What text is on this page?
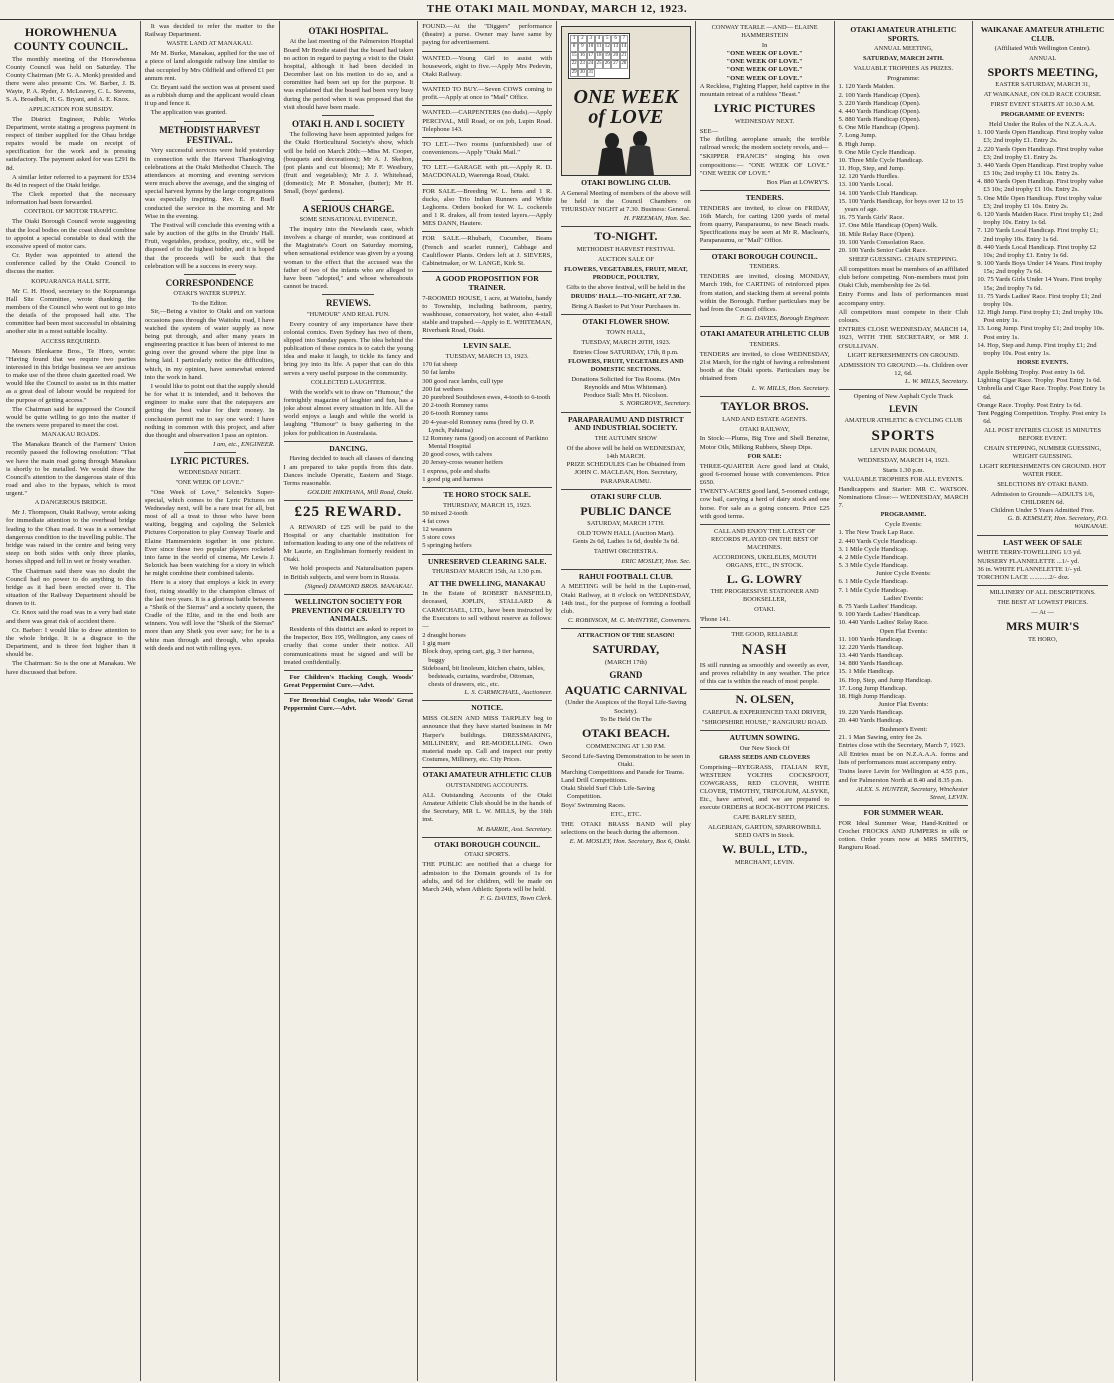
THE OTAKI MAIL MONDAY, MARCH 12, 1923.
HOROWHENUA COUNTY COUNCIL.

The monthly meeting of the Horowhenua County Council was held on Saturday. The County Chairman (Mr G. A. Monk) presided and there were also present: Crs. W. Barber, J. B. Wayte, P. A. Ryder, J. McLeavey, C. L. Stevens, S. A. Broadbelt, H. G. Bryant, and A. E. Knox.

APPLICATION FOR SUBSIDY.

The District Engineer, Public Works Department, wrote stating a progress payment in respect of timber supplied for the Ohau bridge repairs would be made on receipt of specification for the work and is pressing satisfactory. The payment asked for was £291 8s 8d.

A similar letter referred to a payment for £534 8s 4d in respect of the Otaki bridge.

The Clerk reported that the necessary information had been forwarded.

CONTROL OF MOTOR TRAFFIC.

The Otaki Borough Council wrote suggesting that the local bodies on the coast should combine to appoint a special constable to deal with the excessive speed of motor cars.

Cr. Ryder was appointed to attend the conference called by the Otaki Council to discuss the matter.

KOPUARANGA HALL SITE.

Mr C. H. Hood, secretary to the Kopuaranga Hall Site Committee, wrote thanking the members of the Council who went out to go into the details of the proposed hall site. The committee had been most successful in obtaining another site in a most suitable locality.

ACCESS REQUIRED.

Messrs Blenkarne Bros., Te Horo, wrote: "Having found that we require two parties interested in this bridge business we are anxious to make use of the three chain gazetted road. We would like the Council to assist us in this matter as a great deal of labour would be required for the purpose of getting access."

The Chairman said he supposed the Council would be quite willing to go into the matter if the owners were prepared to meet the cost.

MANAKAU ROADS.

The Manakau Branch of the Farmers' Union recently passed the following resolution: "That we have the main road going through Manakau is shortly to be metalled. We would draw the Council's attention to the dangerous state of this road and also to the bypass, which is most urgent."

A DANGEROUS BRIDGE.

Mr J. Thompson, Otaki Railway, wrote asking for immediate attention to the overhead bridge leading to the Ohau road. It was in a somewhat dangerous condition to the travelling public. The bridge was raised in the centre and being very steep on both sides with only three planks, horses slipped and fell in wet or frosty weather.

The Chairman said there was no doubt the Council had no power to do anything to this bridge as it had been erected over it. The situation of the Railway Department should be drawn to it.

Cr. Knox said the road was in a very bad state and there was great risk of accident there.

Cr. Barber: I would like to draw attention to the whole bridge. It is a disgrace to the Department, and is three feet higher than it should be.

The Chairman: So is the one at Manakau. We have discussed that before.

It was decided to refer the matter to the Railway Department.

WASTE LAND AT MANAKAU.

Mr M. Burke, Manakau, applied for the use of a piece of land alongside railway line similar to that occupied by Mrs Oldfield and offered £1 per annum rent.

Cr. Bryant said the section was at present used as a rubbish dump and the applicant would clean it up and fence it.

The application was granted.

METHODIST HARVEST FESTIVAL.

Very successful services were held yesterday in connection with the Harvest Thanksgiving celebrations at the Otaki Methodist Church. The attendances at morning and evening services were much above the average, and the singing of special harvest hymns by the large congregations was especially inspiring. Rev. E. P. Buell conducted the service in the morning and Mr Wise in the evening.

The Festival will conclude this evening with a sale by auction of the gifts in the Druids' Hall. Fruit, vegetables, produce, poultry, etc., will be disposed of to the highest bidder, and it is hoped that the proceeds will be such that the celebration will be a success in every way.

CORRESPONDENCE
OTAKI'S WATER SUPPLY.
To the Editor.

Sir,—Being a visitor to Otaki and on various occasions pass through the Waitohu road, I have watched the system of water supply as now being put through, and after many years in engineering practice it has been of interest to me going over the ground where the pipe line is being laid. I particularly notice the difficulties, which, in my opinion, have somewhat entered into the work in hand.

I would like to point out that the supply should be for what it is intended, and it behoves the engineer to make sure that the ratepayers are getting the best value for their money. In conclusion permit me to say one word: I have nothing in common with this project, and after due thought and observation I pass an opinion.

I am, etc., ENGINEER.
LYRIC PICTURES.
WEDNESDAY NIGHT.
"ONE WEEK OF LOVE."

"One Week of Love," Selznick's Super-special, which comes to the Lyric Pictures on Wednesday next, will be a rare treat for all, but most of all a treat to those who have been waiting, begging and cajoling the Selznick Pictures Corporation to play Conway Tearle and Elaine Hammerstein together in one picture. Ever since these two popular players rocketed into fame in the world of cinema, Mr Lewis J. Selznick has been watching for a story in which he might combine their combined talents.

Here is a story that employs a kick in every foot, rising steadily to the champion climax of the last two years. It is a glorious battle between a "Sheik of the Sierras" and a society queen, the Cradle of the Elite, and in the end both are winners. You will love the "Sheik of the Sierras" more than any Sheik you ever saw; for he is a white man through and through, who speaks with deeds and not with rolling eyes.

OTAKI HOSPITAL.

At the last meeting of the Palmerston Hospital Board Mr Brodie stated that the board had taken no action in regard to paying a visit to the Otaki hospital, although it had been decided in December last on his motion to do so, and a committee had been set up for the purpose. It was explained that the board had been very busy during the period when it was proposed that the visit should have been made.

OTAKI H. AND I. SOCIETY

The following have been appointed judges for the Otaki Horticultural Society's show, which will be held on March 20th:—Miss M. Cooper, (bouquets and decorations); Mr A. J. Skelton, (pot plants and cut blooms); Mr F. Westbury, (fruit and vegetables); Mr J. J. Whitehead, (domestic); Mr P. Monaher, (butter); Mr H. Small, (boys' gardens).

A SERIOUS CHARGE.
SOME SENSATIONAL EVIDENCE.

The inquiry into the Newlands case, which involves a charge of murder, was continued at the Magistrate's Court on Saturday morning, when sensational evidence was given by a young woman to the effect that the accused was the father of two of the infants who are alleged to have been "adopted," and whose whereabouts cannot be traced.

REVIEWS.
"HUMOUR" AND REAL FUN.

Every country of any importance have their colonial comics. Even Sydney has two of them, slipped into Sunday papers. The idea behind the publication of these comics is to catch the young idea and make it laugh, to tickle its fancy and bring joy into its life. A paper that can do this serves a very useful purpose in the community.

COLLECTED LAUGHTER.

With the world's wit to draw on "Humour," the fortnightly magazine of laughter and fun, has a joke about almost every situation in life. All the world enjoys a laugh and while the world is laughing "Humour" is busy gathering in the jokes for publication in Australasia.

DANCING.

Having decided to teach all classes of dancing I am prepared to take pupils from this date. Dances include Operatic, Eastern and Stage. Terms reasonable.

GOLDIE HIKIHANA, Mill Road, Otaki.
£25 REWARD.

A REWARD of £25 will be paid to the Hospital or any charitable institution for information leading to any one of the relatives of Mr Laurie, an Englishman formerly resident in Otaki.

We hold prospects and Naturalisation papers in British subjects, and were born in Russia.

(Signed) DIAMOND BROS. MANAKAU.
WELLINGTON SOCIETY FOR PREVENTION OF CRUELTY TO ANIMALS.

Residents of this district are asked to report to the Inspector, Box 195, Wellington, any cases of cruelty that come under their notice. All communications must be signed and will be treated confidentially.

For Children's Hacking Cough, Woods' Great Peppermint Cure.—Advt.

For Bronchial Coughs, take Woods' Great Peppermint Cure.—Advt.

FOUND.—At the "Diggers" performance (theatre) a purse. Owner may have same by paying for advertisement.

WANTED.—Young Girl to assist with housework, eight to five.—Apply Mrs Pedevin, Otaki Railway.

WANTED TO BUY.—Seven COWS coming to profit.—Apply at once to "Mail" Office.

WANTED.—CARPENTERS (no duds).—Apply PERCIVAL, Mill Road, or on job, Lupin Road. Telephone 143.

TO LET.—Two rooms (unfurnished) use of conveniences.—Apply "Otaki Mail."

TO LET.—GARAGE with pit.—Apply R. D. MACDONALD, Waerenga Road, Otaki.

FOR SALE.—Breeding W. L. hens and 1 R. ducks, also Trio Indian Runners and White Leghorns. Orders booked for W. L. cockerels and 1 R. drakes, all from tested layers.—Apply MES DANN, Hautere.

FOR SALE.—Rhubarb, Cucumber, Beans (French and scarlet runner), Cabbage and Cauliflower Plants. Orders left at J. SIEVERS, Cabinetmaker, or W. LANGE, Kirk St.

A GOOD PROPOSITION FOR TRAINER.

7-ROOMED HOUSE, 1 acre, at Waitohu, handy to Township, including bathroom, pantry, washhouse, conservatory, hot water, also 4-stall stable and trapshed.—Apply to E. WHITEMAN, Riverbank Road, Otaki.

LEVIN SALE.
TUESDAY, MARCH 13, 1923.
170 fat sheep
50 fat lambs
300 good race lambs, cull type
200 fat wethers
20 purebred Southdown ewes, 4-tooth to 6-tooth
20 2-tooth Romney rams
20 6-tooth Romney rams
20 4-year-old Romney rams (bred by O. P. Lynch, Pahiatua)
12 Romney rams (good) on account of Parikino Mental Hospital
20 good cows, with calves
20 Jersey-cross weaner heifers
1 express, pole and shafts
1 good pig and harness
TE HORO STOCK SALE.
THURSDAY, MARCH 15, 1923.
50 mixed 2-tooth
4 fat cows
12 weaners
5 store cows
5 springing heifers
UNRESERVED CLEARING SALE.
THURSDAY MARCH 15th, At 1.30 p.m.
AT THE DWELLING, MANAKAU

In the Estate of ROBERT BANSFIELD, deceased, JOPLIN, STALLARD & CARMICHAEL, LTD., have been instructed by the Executors to sell without reserve as follows:—

2 draught horses
1 gig mare
Block dray, spring cart, gig, 3 tier harness, buggy
Sideboard, bit linoleum, kitchen chairs, tables, bedsteads, curtains, wardrobe, Ottoman, chests of drawers, etc., etc.
L. S. CARMICHAEL, Auctioneer.
NOTICE.

MISS OLSEN AND MISS TARPLEY beg to announce that they have started business in Mr Harper's buildings. DRESSMAKING, MILLINERY, and RE-MODELLING. Own material made up. Call and inspect our pretty Costumes, Millinery, etc. City Prices.

OTAKI AMATEUR ATHLETIC CLUB
OUTSTANDING ACCOUNTS.

ALL Outstanding Accounts of the Otaki Amateur Athletic Club should be in the hands of the Secretary, MR L. W. MILLS, by the 16th inst.

M. BARRIE, Asst. Secretary.
OTAKI BOROUGH COUNCIL.
OTAKI SPORTS.

THE PUBLIC are notified that a charge for admission to the Domain grounds of 1s for adults, and 6d for children, will be made on March 24th, when Athletic Sports will be held.

F. G. DAVIES, Town Clerk.
1	2	3	4	5	6	7
8	9 10 11 12 13 14
15 16 17 18 19 20 21
22 23 24 25 26 27 28
29 30 31
ONE WEEK of LOVE
OTAKI BOWLING CLUB.

A General Meeting of members of the above will be held in the Council Chambers on THURSDAY NIGHT at 7.30. Business: General.

H. FREEMAN, Hon. Sec.
TO-NIGHT.
METHODIST HARVEST FESTIVAL
AUCTION SALE OF
FLOWERS, VEGETABLES, FRUIT, MEAT, PRODUCE, POULTRY,
Gifts to the above festival, will be held in the
DRUIDS' HALL—TO-NIGHT, AT 7.30.
Bring A Basket to Put Your Purchases in.
OTAKI FLOWER SHOW.
TOWN HALL,
TUESDAY, MARCH 20TH, 1923.
Entries Close SATURDAY, 17th, 8 p.m.
FLOWERS, FRUIT, VEGETABLES AND DOMESTIC SECTIONS.
Donations Solicited for Tea Rooms. (Mrs Reynolds and Miss Whiteman).
Produce Stall: Mrs H. Nicolson.
S. NORGROVE, Secretary.
PARAPARAUMU AND DISTRICT AND INDUSTRIAL SOCIETY.
THE AUTUMN SHOW
Of the above will be held on WEDNESDAY, 14th MARCH.
PRIZE SCHEDULES Can be Obtained from JOHN C. MACLEAN, Hon. Secretary, PARAPARAUMU.
OTAKI SURF CLUB.
PUBLIC DANCE
SATURDAY, MARCH 17TH.
OLD TOWN HALL (Auction Mart).
Gents 2s 6d, Ladies 1s 6d, double 3s 6d.
TAHIWI ORCHESTRA.
ERIC MOSLEY, Hon. Sec.
RAHUI FOOTBALL CLUB.

A MEETING will be held in the Lupin-road, Otaki Railway, at 8 o'clock on WEDNESDAY, 14th inst., for the purpose of forming a football club.

C. ROBINSON, M. C. McINTYRE, Conveners.
ATTRACTION OF THE SEASON!
SATURDAY,
(MARCH 17th)
GRAND
AQUATIC CARNIVAL
(Under the Auspices of the Royal Life-Saving Society).
To Be Held On The
OTAKI BEACH.
COMMENCING AT 1.30 P.M.
Second Life-Saving Demonstration to be seen in Otaki.
Marching Competitions and Parade for Teams.
Land Drill Competitions.
Otaki Shield Surf Club Life-Saving Competition.
Boys' Swimming Races.
ETC., ETC.

THE OTAKI BRASS BAND will play selections on the beach during the afternoon.

E. M. MOSLEY, Hon. Secretary, Box 6, Otaki.
CONWAY TEARLE —AND— ELAINE HAMMERSTEIN
In
"ONE WEEK OF LOVE."
"ONE WEEK OF LOVE."
"ONE WEEK OF LOVE."
"ONE WEEK OF LOVE."

A Reckless, Fighting Flapper, held captive in the mountain retreat of a ruthless "Beast."

LYRIC PICTURES
WEDNESDAY NEXT.
SEE—

The thrilling aeroplane smash; the terrible railroad wreck; the modern society revels, and—

"SKIPPER FRANCIS" singing his own compositions:— "ONE WEEK OF LOVE." "ONE WEEK OF LOVE."

Box Plan at LOWRY'S.
TENDERS.

TENDERS are invited, to close on FRIDAY, 16th March, for carting 1200 yards of metal from quarry, Paraparaumu, to new Beach roads. Specifications may be seen at Mr R. Maclean's, Paraparaumu, or "Mail" Office.

OTAKI BOROUGH COUNCIL.
TENDERS.

TENDERS are invited, closing MONDAY, March 19th, for CARTING of reinforced pipes from station, and stacking them at several points within the Borough. Further particulars may be had from the Council offices.

F. G. DAVIES, Borough Engineer.
OTAKI AMATEUR ATHLETIC CLUB
TENDERS.

TENDERS are invited, to close WEDNESDAY, 21st March, for the right of having a refreshment booth at the Otaki sports. Particulars may be obtained from

L. W. MILLS, Hon. Secretary.
TAYLOR BROS.
LAND AND ESTATE AGENTS.
OTAKI RAILWAY,

In Stock:—Plums, Big Tree and Shell Benzine, Motor Oils, Milking Rubbers, Sheep Dips.

FOR SALE:

THREE-QUARTER Acre good land at Otaki, good 6-roomed house with conveniences. Price £650.

TWENTY-ACRES good land, 5-roomed cottage, cow bail, carrying a herd of dairy stock and one horse. For sale as a going concern. Price £25 with good terms.

CALL AND ENJOY THE LATEST OF RECORDS PLAYED ON THE BEST OF MACHINES.
ACCORDIONS, UKELELES, MOUTH ORGANS, ETC., IN STOCK.
L. G. LOWRY
THE PROGRESSIVE STATIONER AND BOOKSELLER,
OTAKI.
'Phone 141.
THE GOOD, RELIABLE
NASH

IS still running as smoothly and sweetly as ever, and proves reliability in any weather. The price of this car is within the reach of most people.

N. OLSEN,
CAREFUL & EXPERIENCED TAXI DRIVER,
"SHROPSHIRE HOUSE," RANGIURU ROAD.
AUTUMN SOWING.
Our New Stock Of
GRASS SEEDS AND CLOVERS

Comprising—RYEGRASS, ITALIAN RYE, WESTERN YOLTHS COCKSFOOT, COWGRASS, RED CLOVER, WHITE CLOVER, TIMOTHY, TRIFOLIUM, ALSYKE, Etc., have arrived, and we are prepared to execute ORDERS at ROCK-BOTTOM PRICES.

CAPE BARLEY SEED,
ALGERIAN, GARTON, SPARROWBILL SEED OATS in Stock.
W. BULL, LTD.,
MERCHANT, LEVIN.
OTAKI AMATEUR ATHLETIC SPORTS.
ANNUAL MEETING,
SATURDAY, MARCH 24TH.
VALUABLE TROPHIES AS PRIZES.
Programme:
1. 120 Yards Maiden.
2. 100 Yards Handicap (Open).
3. 220 Yards Handicap (Open).
4. 440 Yards Handicap (Open).
5. 880 Yards Handicap (Open).
6. One Mile Handicap (Open).
7. Long Jump.
8. High Jump.
9. One Mile Cycle Handicap.
10. Three Mile Cycle Handicap.
11. Hop, Step, and Jump.
12. 120 Yards Hurdles.
13. 100 Yards Local.
14. 100 Yards Club Handicap.
15. 100 Yards Handicap, for boys over 12 to 15 years of age.
16. 75 Yards Girls' Race.
17. One Mile Handicap (Open) Walk.
18. Mile Relay Race (Open).
19. 100 Yards Consolation Race.
20. 100 Yards Senior Cadet Race.
SHEEP GUESSING. CHAIN STEPPING.

All competitors must be members of an affiliated club before competing. Non-members must join Otaki Club, membership fee 2s 6d.

Entry Forms and lists of performances must accompany entry.

All competitors must compete in their Club colours.

ENTRIES CLOSE WEDNESDAY, MARCH 14, 1923, WITH THE SECRETARY, or MR J. O'SULLIVAN.

LIGHT REFRESHMENTS ON GROUND.
ADMISSION TO GROUND.—Is. Children over 12, 6d.
L. W. MILLS, Secretary.
Opening of New Asphalt Cycle Track
LEVIN
AMATEUR ATHLETIC & CYCLING CLUB
SPORTS
LEVIN PARK DOMAIN,
WEDNESDAY, MARCH 14, 1923.
Starts 1.30 p.m.
VALUABLE TROPHIES FOR ALL EVENTS.

Handicappers and Starter: MR C. WATSON. Nominations Close:— WEDNESDAY, MARCH 7.

PROGRAMME.
Cycle Events:
1. The New Track Lap Race.
2. 440 Yards Cycle Handicap.
3. 1 Mile Cycle Handicap.
4. 2 Mile Cycle Handicap.
5. 3 Mile Cycle Handicap.
Junior Cycle Events:
6. 1 Mile Cycle Handicap.
7. 1 Mile Cycle Handicap.
Ladies' Events:
8. 75 Yards Ladies' Handicap.
9. 100 Yards Ladies' Handicap.
10. 440 Yards Ladies' Relay Race.
Open Flat Events:
11. 100 Yards Handicap.
12. 220 Yards Handicap.
13. 440 Yards Handicap.
14. 880 Yards Handicap.
15. 1 Mile Handicap.
16. Hop, Step, and Jump Handicap.
17. Long Jump Handicap.
18. High Jump Handicap.
Junior Flat Events:
19. 220 Yards Handicap.
20. 440 Yards Handicap.
Bushmen's Event:
21. 1 Man Sawing, entry fee 2s.

Entries close with the Secretary, March 7, 1923.

All Entries must be on N.Z.A.A.A. forms and lists of performances must accompany entry.

Trains leave Levin for Wellington at 4.55 p.m., and for Palmerston North at 8.40 and 8.35 p.m.

ALEX. S. HUNTER, Secretary, Winchester Street, LEVIN.
FOR SUMMER WEAR.

FOR Ideal Summer Wear, Hand-Knitted or Crochet FROCKS AND JUMPERS in silk or cotton. Order yours now at MRS SMITH'S, Rangiuru Road.

WAIKANAE AMATEUR ATHLETIC CLUB.
(Affiliated With Wellington Centre).
ANNUAL
SPORTS MEETING,
EASTER SATURDAY, MARCH 31,
AT WAIKANAE, ON OLD RACE COURSE.
FIRST EVENT STARTS AT 10.30 A.M.
PROGRAMME OF EVENTS:
Held Under the Rules of the N.Z.A.A.A.
1. 100 Yards Open Handicap. First trophy value £3; 2nd trophy £1. Entry 2s.
2. 220 Yards Open Handicap. First trophy value £3; 2nd trophy £1. Entry 2s.
3. 440 Yards Open Handicap. First trophy value £3 10s; 2nd trophy £1 10s. Entry 2s.
4. 880 Yards Open Handicap. First trophy value £3 10s; 2nd trophy £1 10s. Entry 2s.
5. One Mile Open Handicap. First trophy value £3; 2nd trophy £1 10s. Entry 2s.
6. 120 Yards Maiden Race. First trophy £1; 2nd trophy 10s. Entry 1s 6d.
7. 120 Yards Local Handicap. First trophy £1; 2nd trophy 10s. Entry 1s 6d.
8. 440 Yards Local Handicap. First trophy £2 10s; 2nd trophy £1. Entry 1s 6d.
9. 100 Yards Boys Under 14 Years. First trophy 15s; 2nd trophy 7s 6d.
10. 75 Yards Girls Under 14 Years. First trophy 15s; 2nd trophy 7s 6d.
11. 75 Yards Ladies' Race. First trophy £1; 2nd trophy 10s.
12. High Jump. First trophy £1; 2nd trophy 10s. Post entry 1s.
13. Long Jump. First trophy £1; 2nd trophy 10s. Post entry 1s.
14. Hop, Step and Jump. First trophy £1; 2nd trophy 10s. Post entry 1s.
HORSE EVENTS.
Apple Bobbing Trophy. Post entry 1s 6d.
Lighting Cigar Race. Trophy. Post Entry 1s 6d.
Umbrella and Cigar Race. Trophy. Post Entry 1s 6d.
Orange Race. Trophy. Post Entry 1s 6d.
Tent Pegging Competition. Trophy. Post entry 1s 6d.
ALL POST ENTRIES CLOSE 15 MINUTES BEFORE EVENT.
CHAIN STEPPING, NUMBER GUESSING, WEIGHT GUESSING.
LIGHT REFRESHMENTS ON GROUND. HOT WATER FREE.
SELECTIONS BY OTAKI BAND.
Admission to Grounds—ADULTS 1/6, CHILDREN 6d.
Children Under 5 Years Admitted Free.
G. B. KEMSLEY, Hon. Secretary, P.O. WAIKANAE.
LAST WEEK OF SALE
WHITE TERRY-TOWELLING 1/3 yd.
NURSERY FLANNELETTE ...1/- yd.
36 in. WHITE FLANNELETTE 1/- yd.
TORCHON LACE ............2/- doz.
MILLINERY OF ALL DESCRIPTIONS.
THE BEST AT LOWEST PRICES.
— At —
MRS MUIR'S
TE HORO,
